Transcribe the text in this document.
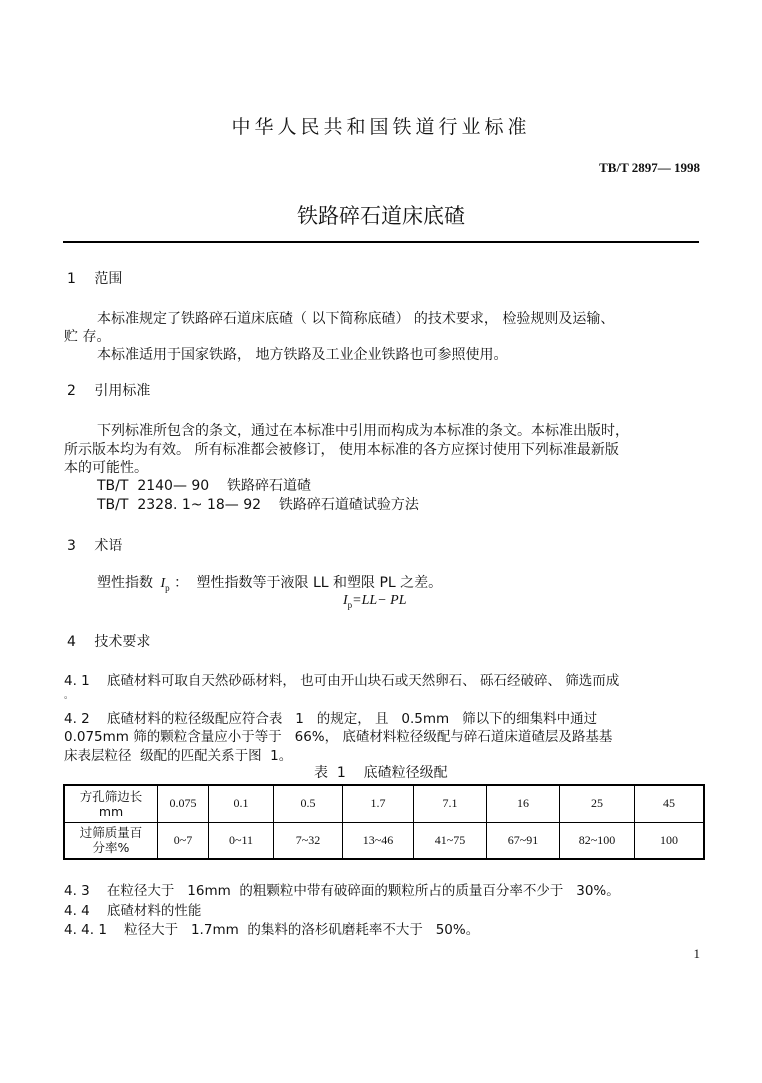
中华人民共和国铁道行业标准
TB/T 2897— 1998
铁路碎石道床底碴
1 范围
本标准规定了铁路碎石道床底碴（ 以下简称底碴） 的技术要求， 检验规则及运输、
贮 存。
本标准适用于国家铁路， 地方铁路及工业企业铁路也可参照使用。
2 引用标准
下列标准所包含的条文，通过在本标准中引用而构成为本标准的条文。本标准出版时，
所示版本均为有效。 所有标准都会被修订， 使用本标准的各方应探讨使用下列标准最新版
本的可能性。
TB/T  2140— 90    铁路碎石道碴
TB/T  2328. 1~ 18— 92    铁路碎石道碴试验方法
3 术语
塑性指数 $I_p$ ： 塑性指数等于液限 LL 和塑限 PL 之差。
$I_p=LL-$ PL
4 技术要求
4. 1    底碴材料可取自天然砂砾材料， 也可由开山块石或天然卵石、 砾石经破碎、 筛选而成
。
4. 2    底碴材料的粒径级配应符合表   1   的规定， 且   0.5mm   筛以下的细集料中通过
0.075mm 筛的颗粒含量应小于等于   66%， 底碴材料粒径级配与碎石道床道碴层及路基基
床表层粒径  级配的匹配关系于图  1。
表  1    底碴粒径级配
方孔筛边长
mm	0.075	0.1	0.5	1.7	7.1	16	25	45

过筛质量百
分率%	0~7	0~11	7~32	13~46	41~75	67~91	82~100	100
4. 3    在粒径大于   16mm  的粗颗粒中带有破碎面的颗粒所占的质量百分率不少于   30%。
4. 4    底碴材料的性能
4. 4. 1    粒径大于   1.7mm  的集料的洛杉矶磨耗率不大于   50%。
1
